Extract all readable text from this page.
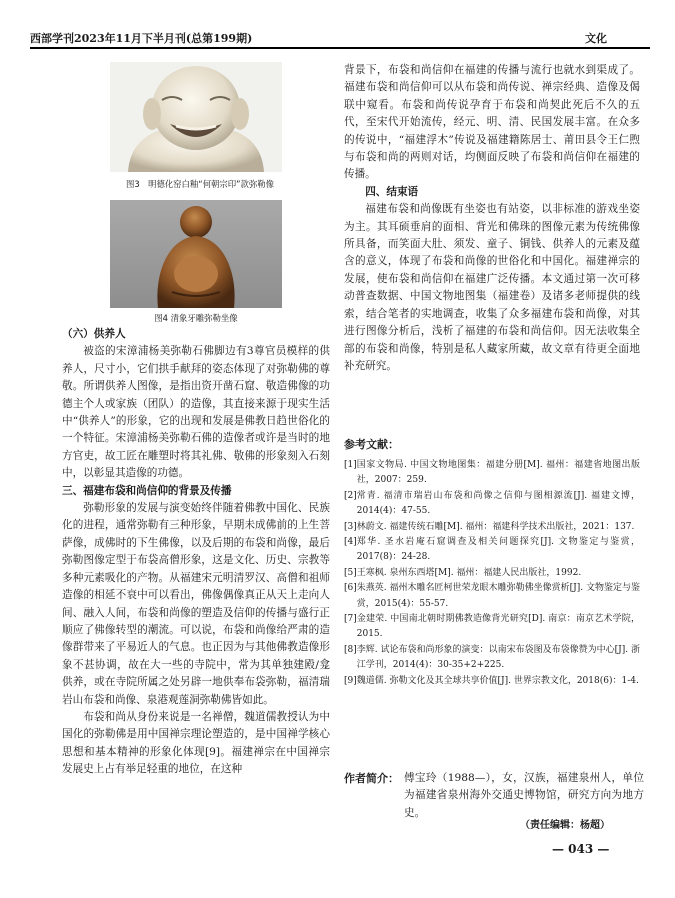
西部学刊2023年11月下半月刊(总第199期)	文化
图3　明德化窑白釉“何朝宗印”款弥勒像
图4 清象牙雕弥勒坐像
（六）供养人

被盗的宋漳浦杨美弥勒石佛脚边有3尊官员模样的供养人，尺寸小，它们拱手献拜的姿态体现了对弥勒佛的尊敬。所谓供养人图像，是指出资开凿石窟、敬造佛像的功德主个人或家族（团队）的造像，其直接来源于现实生活中“供养人”的形象，它的出现和发展是佛教日趋世俗化的一个特征。宋漳浦杨美弥勒石佛的造像者或许是当时的地方官吏，故工匠在雕塑时将其礼佛、敬佛的形象刻入石刻中，以彰显其造像的功德。

三、福建布袋和尚信仰的背景及传播

弥勒形象的发展与演变始终伴随着佛教中国化、民族化的进程，通常弥勒有三种形象，早期未成佛前的上生菩萨像，成佛时的下生佛像，以及后期的布袋和尚像，最后弥勒图像定型于布袋高僧形象，这是文化、历史、宗教等多种元素吸化的产物。从福建宋元明清罗汉、高僧和祖师造像的相延不衰中可以看出，佛像偶像真正从天上走向人间、融入人间，布袋和尚像的塑造及信仰的传播与盛行正顺应了佛像转型的潮流。可以说，布袋和尚像给严肃的造像群带来了平易近人的气息。也正因为与其他佛教造像形象不甚协调，故在大一些的寺院中，常为其单独建殿/龛供养，或在寺院所属之处另辟一地供奉布袋弥勒，福清瑞岩山布袋和尚像、泉港观莲洞弥勒佛皆如此。

布袋和尚从身份来说是一名禅僧，魏道儒教授认为中国化的弥勒佛是用中国禅宗理论塑造的，是中国禅学核心思想和基本精神的形象化体现[9]。福建禅宗在中国禅宗发展史上占有举足轻重的地位，在这种

背景下，布袋和尚信仰在福建的传播与流行也就水到渠成了。福建布袋和尚信仰可以从布袋和尚传说、禅宗经典、造像及偈联中窥看。布袋和尚传说孕育于布袋和尚契此死后不久的五代，至宋代开始流传，经元、明、清、民国发展丰富。在众多的传说中，“福建浮木”传说及福建籍陈居士、莆田县令王仁煦与布袋和尚的两则对话，均侧面反映了布袋和尚信仰在福建的传播。

四、结束语

福建布袋和尚像既有坐姿也有站姿，以非标准的游戏坐姿为主。其耳硕垂肩的面相、背光和佛珠的图像元素为传统佛像所具备，而笑面大肚、须发、童子、铜钱、供养人的元素及蕴含的意义，体现了布袋和尚像的世俗化和中国化。福建禅宗的发展，使布袋和尚信仰在福建广泛传播。本文通过第一次可移动普查数据、中国文物地图集（福建卷）及诸多老师提供的线索，结合笔者的实地调查，收集了众多福建布袋和尚像，对其进行图像分析后，浅析了福建的布袋和尚信仰。因无法收集全部的布袋和尚像，特别是私人藏家所藏，故文章有待更全面地补充研究。

参考文献：
[1] 国家文物局. 中国文物地图集：福建分册[M]. 福州：福建省地图出版社，2007：259.
[2] 常青. 福清市瑞岩山布袋和尚像之信仰与图相源流[J]. 福建文博，2014(4)：47-55.
[3] 林蔚文. 福建传统石雕[M]. 福州：福建科学技术出版社，2021：137.
[4] 郑华. 圣水岩庵石窟调查及相关问题探究[J]. 文物鉴定与鉴赏，2017(8)：24-28.
[5] 王寒枫. 泉州东西塔[M]. 福州：福建人民出版社，1992.
[6] 朱燕英. 福州木雕名匠柯世荣龙眼木雕弥勒佛坐像赏析[J]. 文物鉴定与鉴赏，2015(4)：55-57.
[7] 金建荣. 中国南北朝时期佛教造像背光研究[D]. 南京：南京艺术学院，2015.
[8] 李辉. 试论布袋和尚形象的演变：以南宋布袋图及布袋像赞为中心[J]. 浙江学刊，2014(4)：30-35+2+225.
[9] 魏道儒. 弥勒文化及其全球共享价值[J]. 世界宗教文化，2018(6)：1-4.
作者简介： 傅宝玲（1988—），女，汉族，福建泉州人，单位为福建省泉州海外交通史博物馆，研究方向为地方史。
（责任编辑：杨超）
— 043 —
